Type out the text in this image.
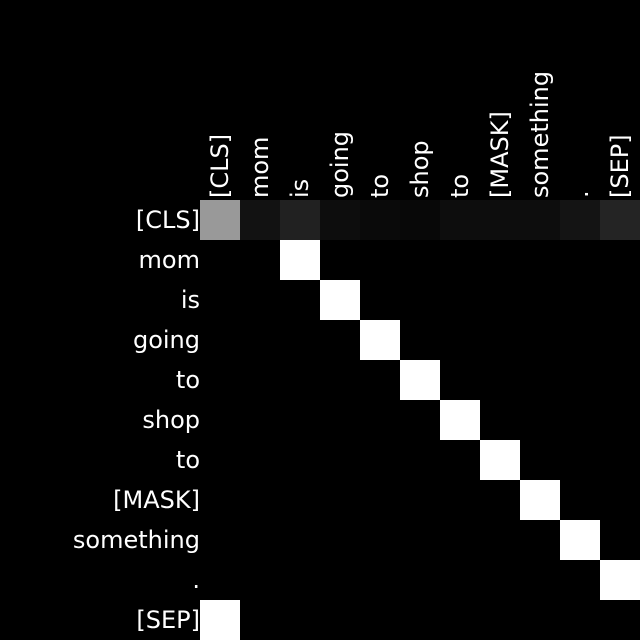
[CLS] mom is going to shop to [MASK] something . [SEP]
[CLS]
mom
is
going
to
shop
to
[MASK]
something
.
[SEP]
